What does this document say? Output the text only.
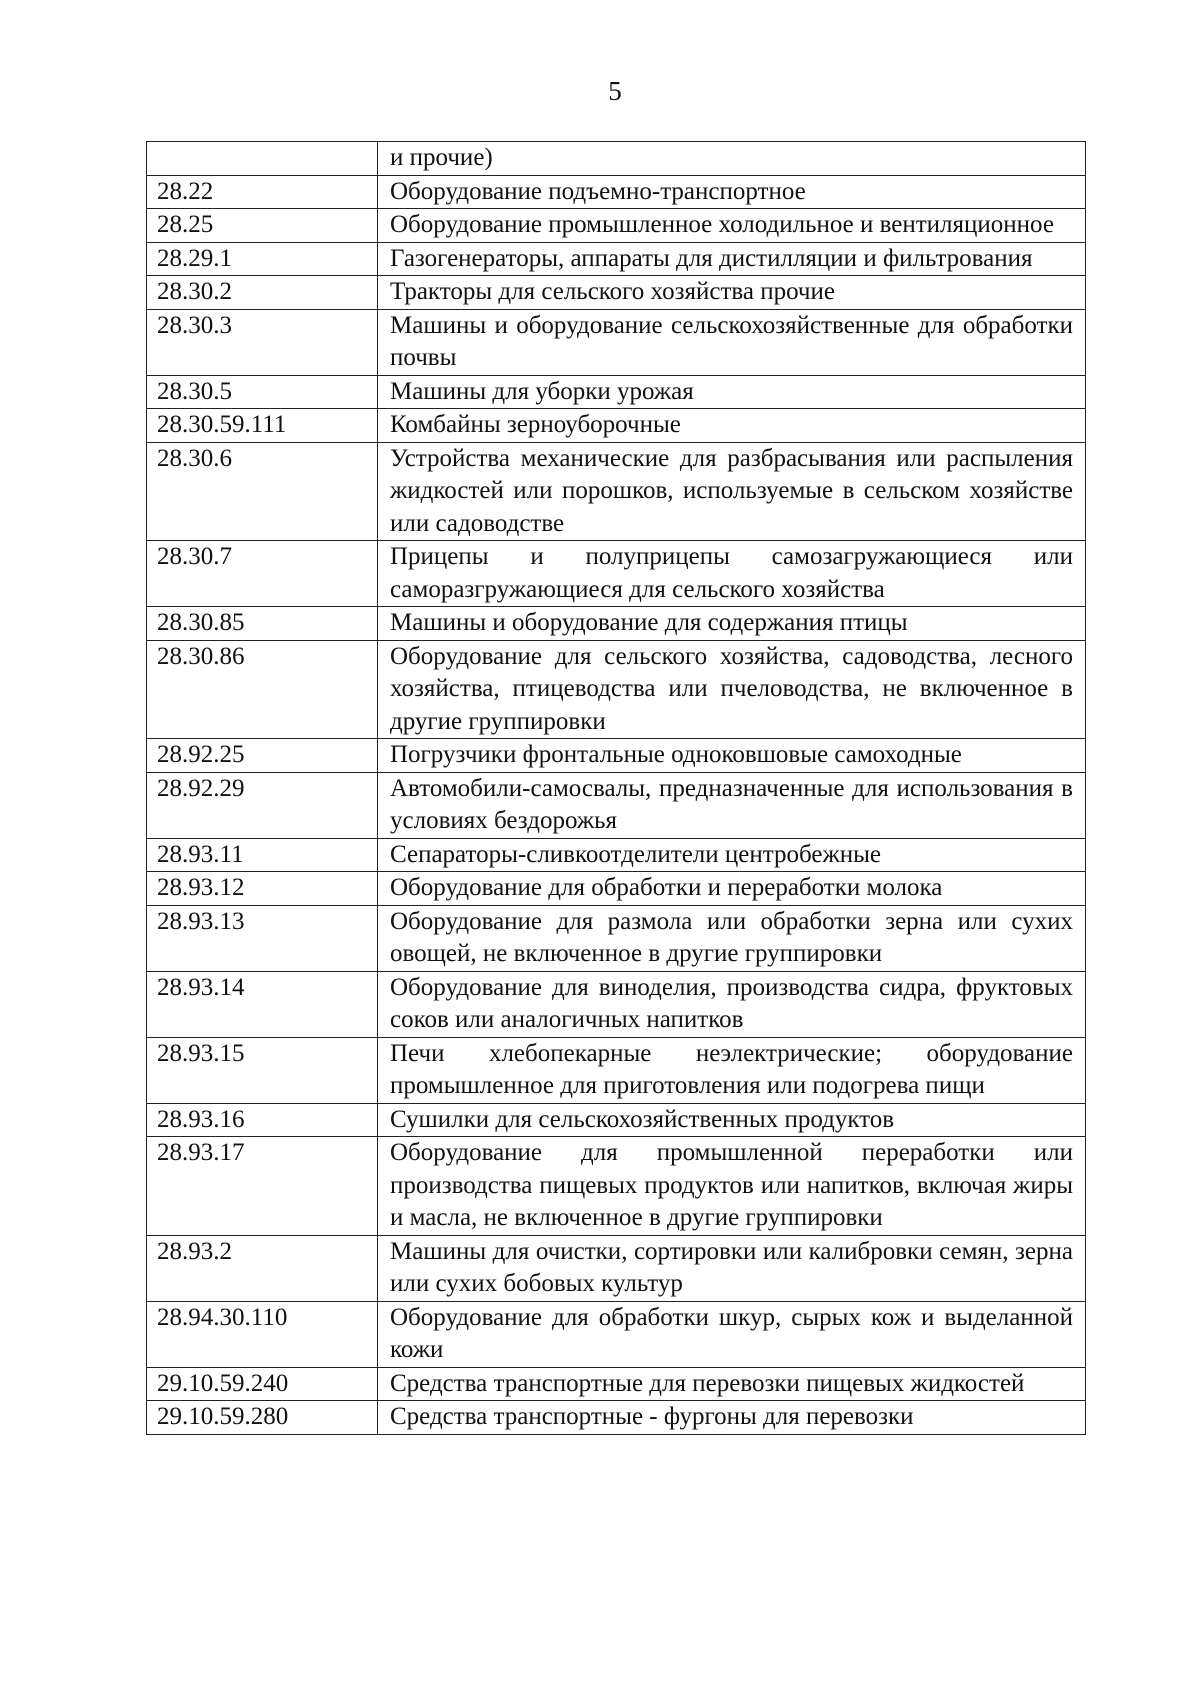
5
	и прочие)
28.22	Оборудование подъемно-транспортное
28.25	Оборудование промышленное холодильное и вентиляционное
28.29.1	Газогенераторы, аппараты для дистилляции и фильтрования
28.30.2	Тракторы для сельского хозяйства прочие
28.30.3	Машины и оборудование сельскохозяйственные для обработки почвы
28.30.5	Машины для уборки урожая
28.30.59.111	Комбайны зерноуборочные
28.30.6	Устройства механические для разбрасывания или распыления жидкостей или порошков, используемые в сельском хозяйстве или садоводстве
28.30.7	Прицепы и полуприцепы самозагружающиеся или саморазгружающиеся для сельского хозяйства
28.30.85	Машины и оборудование для содержания птицы
28.30.86	Оборудование для сельского хозяйства, садоводства, лесного хозяйства, птицеводства или пчеловодства, не включенное в другие группировки
28.92.25	Погрузчики фронтальные одноковшовые самоходные
28.92.29	Автомобили-самосвалы, предназначенные для использования в условиях бездорожья
28.93.11	Сепараторы-сливкоотделители центробежные
28.93.12	Оборудование для обработки и переработки молока
28.93.13	Оборудование для размола или обработки зерна или сухих овощей, не включенное в другие группировки
28.93.14	Оборудование для виноделия, производства сидра, фруктовых соков или аналогичных напитков
28.93.15	Печи хлебопекарные неэлектрические; оборудование промышленное для приготовления или подогрева пищи
28.93.16	Сушилки для сельскохозяйственных продуктов
28.93.17	Оборудование для промышленной переработки или производства пищевых продуктов или напитков, включая жиры и масла, не включенное в другие группировки
28.93.2	Машины для очистки, сортировки или калибровки семян, зерна или сухих бобовых культур
28.94.30.110	Оборудование для обработки шкур, сырых кож и выделанной кожи
29.10.59.240	Средства транспортные для перевозки пищевых жидкостей
29.10.59.280	Средства транспортные - фургоны для перевозки
